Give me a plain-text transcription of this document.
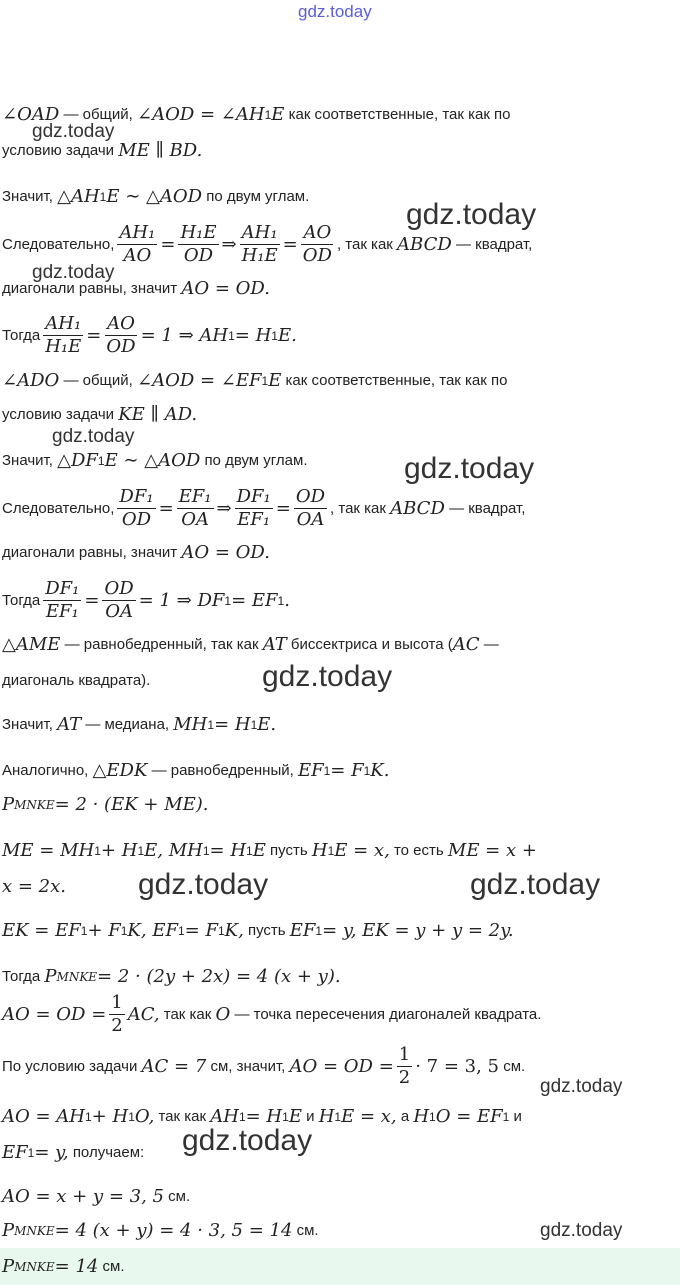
gdz.today
∠OAD
— общий,
∠AOD = ∠AH 1 E
как соответственные, так как по
gdz.today
условию задачи
ME ∥ BD.
Значит,
△AH 1 E ∼ △AOD
по двум углам.
gdz.today
Следовательно, $\frac{\text{AH₁}}{AO} = \frac{\text{H₁E}}{OD}$ ⇒ $\frac{\text{AH₁}}{\text{H₁E}} = \frac{AO}{OD}$ , так как
ABCD
— квадрат,
gdz.today
диагонали равны, значит
AO = OD.
Тогда $\frac{\text{AH₁}}{\text{H₁E}} = \frac{AO}{OD} = 1$ ⇒ AH 1 = H 1 E.
∠ADO
— общий,
∠AOD = ∠EF 1 E
как соответственные, так как по
условию задачи
KE ∥ AD.
gdz.today
Значит,
△DF 1 E ∼ △AOD
по двум углам.	gdz.today
Следовательно, $\frac{\text{DF₁}}{OD} = \frac{\text{EF₁}}{OA}$ ⇒ $\frac{\text{DF₁}}{\text{EF₁}} = \frac{OD}{OA}$ , так как
ABCD
— квадрат,
диагонали равны, значит
AO = OD.
Тогда $\frac{\text{DF₁}}{\text{EF₁}} = \frac{OD}{OA} = 1$ ⇒ DF 1 = EF 1 .
△AME
— равнобедренный, так как
AT
биссектриса и высота ( AC
—
диагональ квадрата).	gdz.today
Значит,
AT
— медиана,
MH 1 = H 1 E.
Аналогично,
△EDK
— равнобедренный,
EF 1 = F 1 K.
P MNKE = 2 · (EK + ME).
ME = MH 1 + H 1 E, MH 1 = H 1 E
пусть
H 1 E = x,
то есть
ME = x +
x = 2x. gdz.today	gdz.today
EK = EF 1 + F 1 K, EF 1 = F 1 K,
пусть
EF 1 = y, EK = y + y = 2y.
Тогда
P MNKE = 2 · (2y + 2x) = 4 (x + y).
AO = OD = $\frac{1}{2}$ AC,
так как
O
— точка пересечения диагоналей квадрата.
По условию задачи
AC = 7
см, значит,
AO = OD = $\frac{1}{2} \cdot 7 = 3$, 5
см.
gdz.today
AO = AH 1 + H 1 O,
так как
AH 1 = H 1 E
и
H 1 E = x,
а
H 1 O = EF 1
и
EF 1 = y,
получаем: gdz.today
AO = x + y = 3, 5
см.
P MNKE = 4 (x + y) = 4 · 3, 5 = 14
см.	gdz.today
P MNKE = 14
см.
